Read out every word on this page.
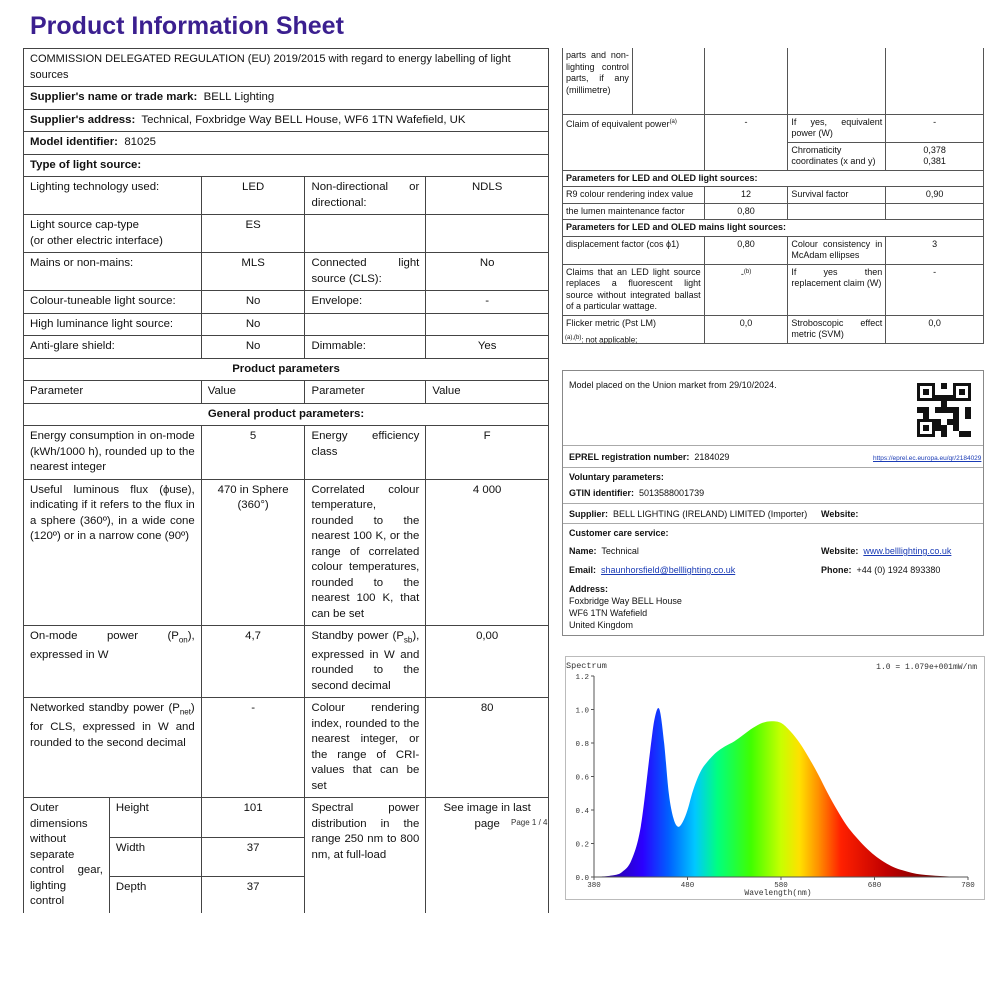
Product Information Sheet
COMMISSION DELEGATED REGULATION (EU) 2019/2015 with regard to energy labelling of light sources				
Supplier's name or trade mark: BELL Lighting				
Supplier's address: Technical, Foxbridge Way BELL House, WF6 1TN Wafefield, UK				
Model identifier: 81025				
Type of light source:				
Lighting technology used:		LED	Non-directional or directional:	NDLS
Light source cap-type
(or other electric interface)		ES		
Mains or non-mains:		MLS	Connected light source (CLS):	No
Colour-tuneable light source:		No	Envelope:	-
High luminance light source:		No		
Anti-glare shield:		No	Dimmable:	Yes
Product parameters				
Parameter		Value	Parameter	Value
General product parameters:				
Energy consumption in on-mode (kWh/1000 h), rounded up to the nearest integer		5	Energy efficiency class	F
Useful luminous flux (ϕuse), indicating if it refers to the flux in a sphere (360º), in a wide cone (120º) or in a narrow cone (90º)		470 in Sphere (360°)	Correlated colour temperature, rounded to the nearest 100 K, or the range of correlated colour temperatures, rounded to the nearest 100 K, that can be set	4 000
On-mode power $(P_{on})$, expressed in W		4,7	Standby power $(P_{sb})$, expressed in W and rounded to the second decimal	0,00
Networked standby power $(P_{net})$ for CLS, expressed in W and rounded to the second decimal		-	Colour rendering index, rounded to the nearest integer, or the range of CRI-values that can be set	80
Outer dimensions without separate control gear, lighting control	Height	101	Spectral power distribution in the range 250 nm to 800 nm, at full-load	See image in last page
	Width	37		
	Depth	37		
Page 1 / 4
parts and non-lighting control parts, if any (millimetre)				
Claim of equivalent power$^{(a)}$		-	If yes, equivalent power (W)	-
			Chromaticity coordinates (x and y)	0,378
0,381
Parameters for LED and OLED light sources:				
R9 colour rendering index value		12	Survival factor	0,90
the lumen maintenance factor		0,80		
Parameters for LED and OLED mains light sources:				
displacement factor (cos ϕ1)		0,80	Colour consistency in McAdam ellipses	3
Claims that an LED light source replaces a fluorescent light source without integrated ballast of a particular wattage.		-$^{(b)}$	If yes then replacement claim (W)	-
Flicker metric (Pst LM)		0,0	Stroboscopic effect metric (SVM)	0,0
$^{(a),(b)}$: not applicable;
Model placed on the Union market from 29/10/2024.
EPREL registration number: 2184029	https://eprel.ec.europa.eu/qr/2184029
Voluntary parameters:
GTIN identifier: 5013588001739
Supplier: BELL LIGHTING (IRELAND) LIMITED (Importer)	Website:
Customer care service:
Name: Technical	Website: www.belllighting.co.uk
Email: shaunhorsfield@belllighting.co.uk	Phone: +44 (0) 1924 893380
Address:
Foxbridge Way BELL House
WF6 1TN Wafefield
United Kingdom
Spectrum	1.0 = 1.079e+001mW/nm
0.0
0.2
0.4
0.6
0.8
1.0
1.2
380	480	580	680	780
Wavelength(nm)
